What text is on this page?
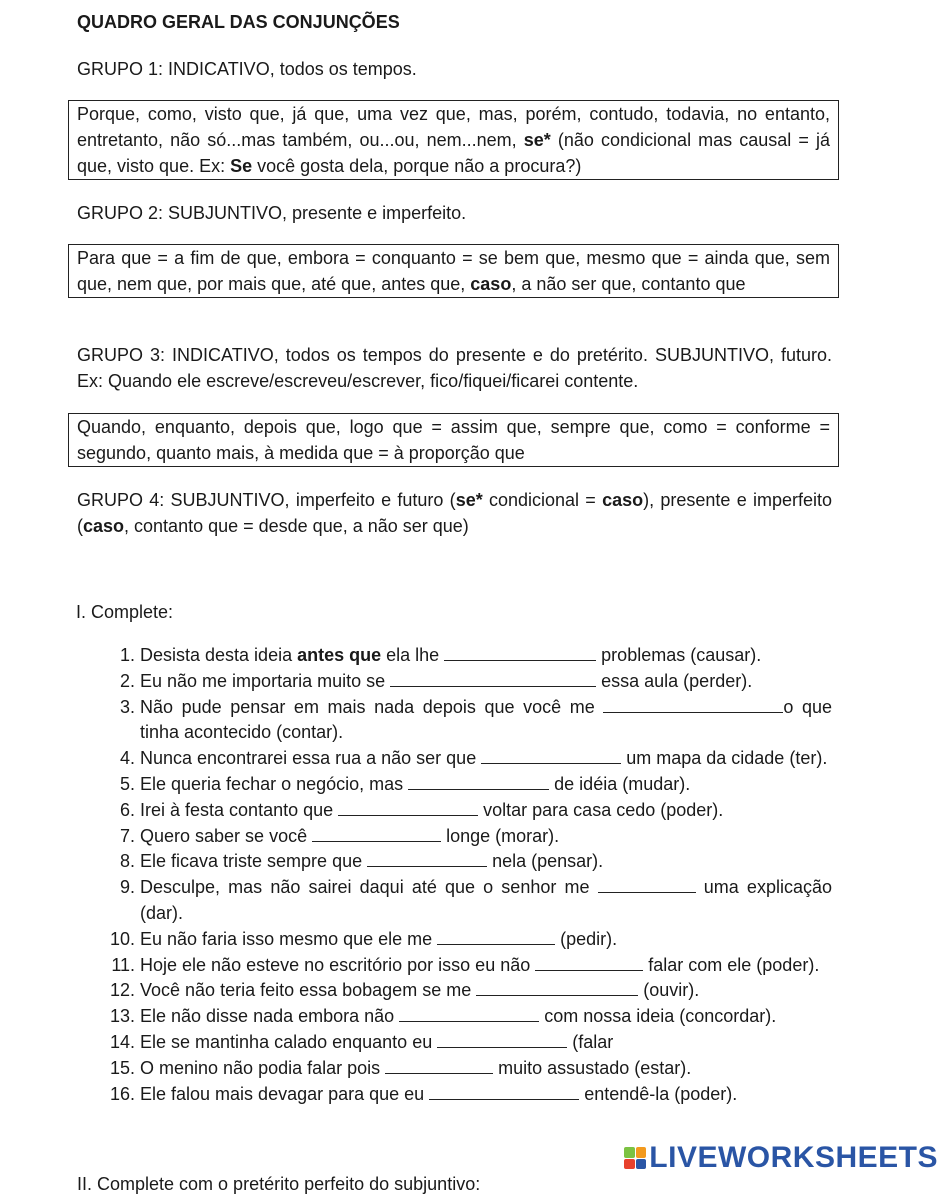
QUADRO GERAL DAS CONJUNÇÕES
GRUPO 1: INDICATIVO, todos os tempos.
Porque, como, visto que, já que, uma vez que, mas, porém, contudo, todavia, no entanto, entretanto, não só...mas também, ou...ou, nem...nem, se* (não condicional mas causal = já que, visto que. Ex: Se você gosta dela, porque não a procura?)
GRUPO 2: SUBJUNTIVO, presente e imperfeito.
Para que = a fim de que, embora = conquanto = se bem que, mesmo que = ainda que, sem que, nem que, por mais que, até que, antes que, caso, a não ser que, contanto que
GRUPO 3: INDICATIVO, todos os tempos do presente e do pretérito. SUBJUNTIVO, futuro. Ex: Quando ele escreve/escreveu/escrever, fico/fiquei/ficarei contente.
Quando, enquanto, depois que, logo que = assim que, sempre que, como = conforme = segundo, quanto mais, à medida que = à proporção que
GRUPO 4: SUBJUNTIVO, imperfeito e futuro (se* condicional = caso), presente e imperfeito (caso, contanto que = desde que, a não ser que)
I. Complete:
1. Desista desta ideia antes que ela lhe	problemas (causar).
2. Eu não me importaria muito se	essa aula (perder).
3. Não pude pensar em mais nada depois que você me	o que tinha acontecido (contar).
4. Nunca encontrarei essa rua a não ser que	um mapa da cidade (ter).
5. Ele queria fechar o negócio, mas	de idéia (mudar).
6. Irei à festa contanto que	voltar para casa cedo (poder).
7. Quero saber se você	longe (morar).
8. Ele ficava triste sempre que	nela (pensar).
9. Desculpe, mas não sairei daqui até que o senhor me	uma explicação (dar).
10. Eu não faria isso mesmo que ele me	(pedir).
11. Hoje ele não esteve no escritório por isso eu não	falar com ele (poder).
12. Você não teria feito essa bobagem se me	(ouvir).
13. Ele não disse nada embora não	com nossa ideia (concordar).
14. Ele se mantinha calado enquanto eu	(falar
15. O menino não podia falar pois	muito assustado (estar).
16. Ele falou mais devagar para que eu	entendê-la (poder).
II. Complete com o pretérito perfeito do subjuntivo:
LIVEWORKSHEETS
